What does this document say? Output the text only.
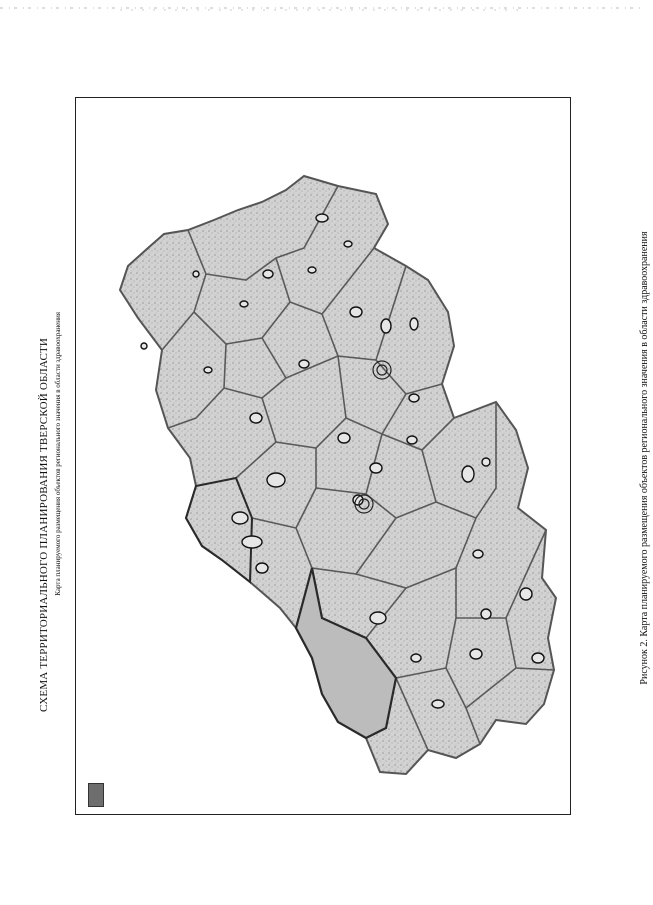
СХЕМА ТЕРРИТОРИАЛЬНОГО ПЛАНИРОВАНИЯ ТВЕРСКОЙ ОБЛАСТИ Карта планируемого размещения объектов регионального значения в области здравоохранения	Рисунок 2. Карта планируемого размещения объектов регионального значения в области здравоохранения
